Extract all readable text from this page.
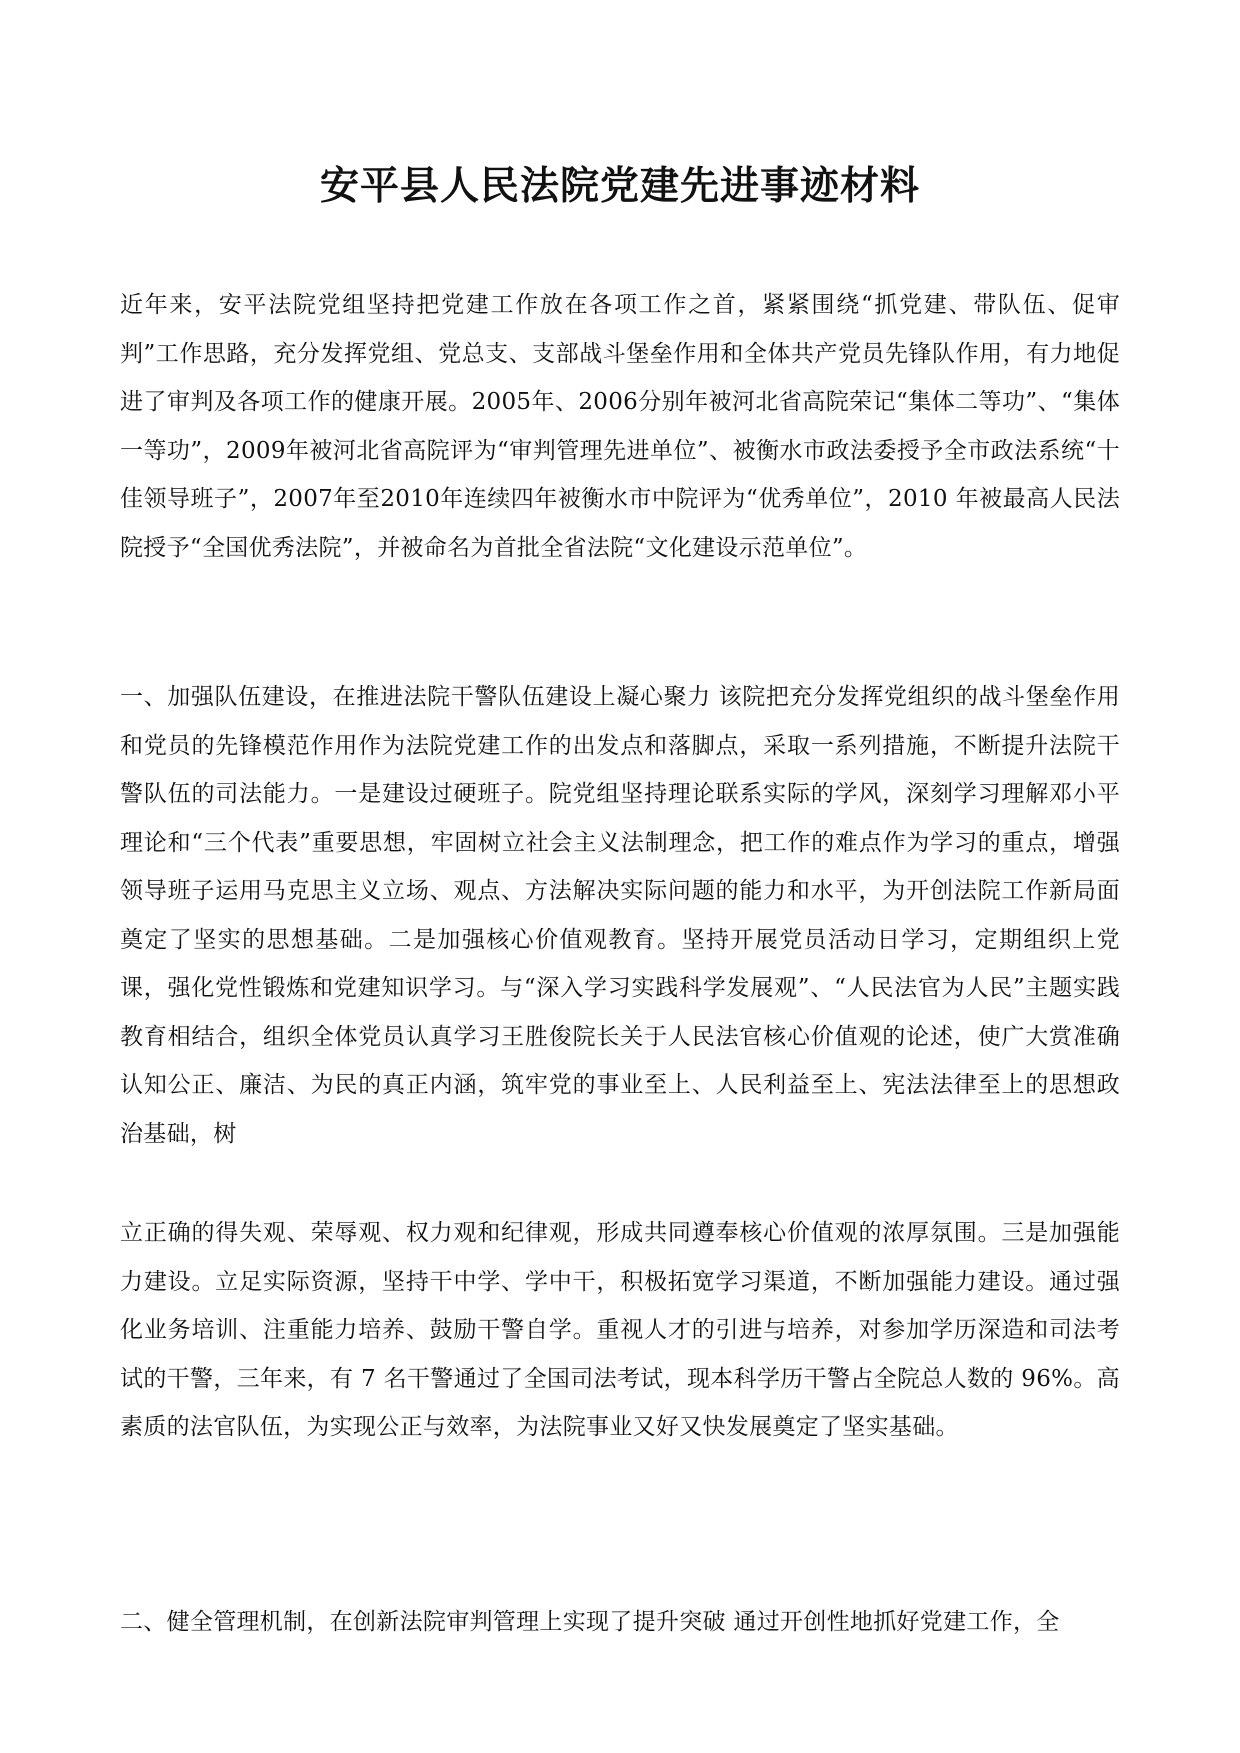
安平县人民法院党建先进事迹材料

近年来，安平法院党组坚持把党建工作放在各项工作之首，紧紧围绕“抓党建、带队伍、促审判”工作思路，充分发挥党组、党总支、支部战斗堡垒作用和全体共产党员先锋队作用，有力地促进了审判及各项工作的健康开展。2005年、2006分别年被河北省高院荣记“集体二等功”、“集体一等功”，2009年被河北省高院评为“审判管理先进单位”、被衡水市政法委授予全市政法系统“十佳领导班子”，2007年至2010年连续四年被衡水市中院评为“优秀单位”，2010 年被最高人民法院授予“全国优秀法院”，并被命名为首批全省法院“文化建设示范单位”。

一、加强队伍建设，在推进法院干警队伍建设上凝心聚力 该院把充分发挥党组织的战斗堡垒作用和党员的先锋模范作用作为法院党建工作的出发点和落脚点，采取一系列措施，不断提升法院干警队伍的司法能力。一是建设过硬班子。院党组坚持理论联系实际的学风，深刻学习理解邓小平理论和“三个代表”重要思想，牢固树立社会主义法制理念，把工作的难点作为学习的重点，增强领导班子运用马克思主义立场、观点、方法解决实际问题的能力和水平，为开创法院工作新局面奠定了坚实的思想基础。二是加强核心价值观教育。坚持开展党员活动日学习，定期组织上党课，强化党性锻炼和党建知识学习。与“深入学习实践科学发展观”、“人民法官为人民”主题实践教育相结合，组织全体党员认真学习王胜俊院长关于人民法官核心价值观的论述，使广大赏准确认知公正、廉洁、为民的真正内涵，筑牢党的事业至上、人民利益至上、宪法法律至上的思想政治基础，树

立正确的得失观、荣辱观、权力观和纪律观，形成共同遵奉核心价值观的浓厚氛围。三是加强能力建设。立足实际资源，坚持干中学、学中干，积极拓宽学习渠道，不断加强能力建设。通过强化业务培训、注重能力培养、鼓励干警自学。重视人才的引进与培养，对参加学历深造和司法考试的干警，三年来，有 7 名干警通过了全国司法考试，现本科学历干警占全院总人数的 96%。高素质的法官队伍，为实现公正与效率，为法院事业又好又快发展奠定了坚实基础。

二、健全管理机制，在创新法院审判管理上实现了提升突破 通过开创性地抓好党建工作，全
